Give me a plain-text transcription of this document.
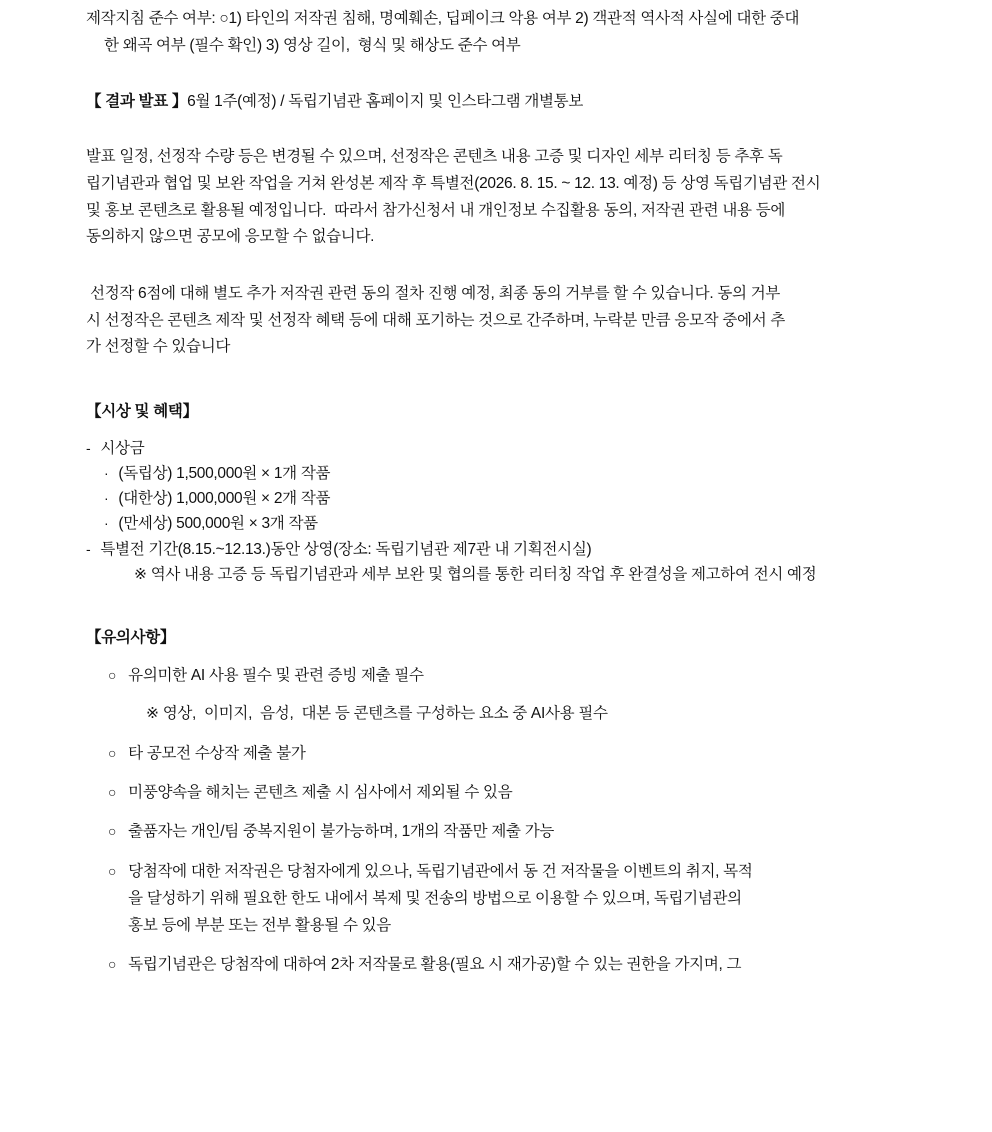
제작지침 준수 여부: ○1) 타인의 저작권 침해, 명예훼손, 딥페이크 악용 여부 2) 객관적 역사적 사실에 대한 중대

한 왜곡 여부 (필수 확인) 3) 영상 길이,  형식 및 해상도 준수 여부

【 결과 발표 】6월 1주(예정) / 독립기념관 홈페이지 및 인스타그램 개별통보

발표 일정, 선정작 수량 등은 변경될 수 있으며, 선정작은 콘텐츠 내용 고증 및 디자인 세부 리터칭 등 추후 독

립기념관과 협업 및 보완 작업을 거쳐 완성본 제작 후 특별전(2026. 8. 15. ~ 12. 13. 예정) 등 상영 독립기념관 전시

및 홍보 콘텐츠로 활용될 예정입니다.  따라서 참가신청서 내 개인정보 수집활용 동의, 저작권 관련 내용 등에

동의하지 않으면 공모에 응모할 수 없습니다.

선정작 6점에 대해 별도 추가 저작권 관련 동의 절차 진행 예정, 최종 동의 거부를 할 수 있습니다. 동의 거부

시 선정작은 콘텐츠 제작 및 선정작 혜택 등에 대해 포기하는 것으로 간주하며, 누락분 만큼 응모작 중에서 추

가 선정할 수 있습니다

【시상 및 혜택】

- 시상금
· (독립상) 1,500,000원 × 1개 작품
· (대한상) 1,000,000원 × 2개 작품
· (만세상) 500,000원 × 3개 작품
- 특별전 기간(8.15.~12.13.)동안 상영(장소: 독립기념관 제7관 내 기획전시실)

※ 역사 내용 고증 등 독립기념관과 세부 보완 및 협의를 통한 리터칭 작업 후 완결성을 제고하여 전시 예정

【유의사항】

○ 유의미한 AI 사용 필수 및 관련 증빙 제출 필수

※ 영상,  이미지,  음성,  대본 등 콘텐츠를 구성하는 요소 중 AI사용 필수

○ 타 공모전 수상작 제출 불가
○ 미풍양속을 해치는 콘텐츠 제출 시 심사에서 제외될 수 있음
○ 출품자는 개인/팀 중복지원이 불가능하며, 1개의 작품만 제출 가능
○ 당첨작에 대한 저작권은 당첨자에게 있으나, 독립기념관에서 동 건 저작물을 이벤트의 취지, 목적
을 달성하기 위해 필요한 한도 내에서 복제 및 전송의 방법으로 이용할 수 있으며, 독립기념관의
홍보 등에 부분 또는 전부 활용될 수 있음
○ 독립기념관은 당첨작에 대하여 2차 저작물로 활용(필요 시 재가공)할 수 있는 권한을 가지며, 그
